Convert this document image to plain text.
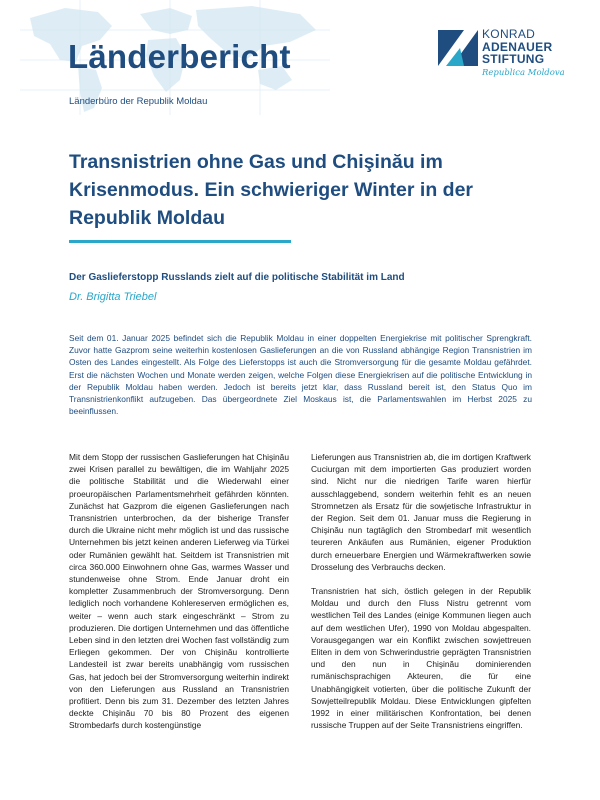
Länderbericht
Länderbüro der Republik Moldau
KONRAD
ADENAUER
STIFTUNG
Republica Moldova
Transnistrien ohne Gas und Chişinău im Krisenmodus. Ein schwieriger Winter in der Republik Moldau
Der Gaslieferstopp Russlands zielt auf die politische Stabilität im Land
Dr. Brigitta Triebel

Seit dem 01. Januar 2025 befindet sich die Republik Moldau in einer doppelten Energiekrise mit politischer Sprengkraft. Zuvor hatte Gazprom seine weiterhin kostenlosen Gaslieferungen an die von Russland abhängige Region Transnistrien im Osten des Landes eingestellt. Als Folge des Lieferstopps ist auch die Stromversorgung für die gesamte Moldau gefährdet. Erst die nächsten Wochen und Monate werden zeigen, welche Folgen diese Energiekrisen auf die politische Entwicklung in der Republik Moldau haben werden. Jedoch ist bereits jetzt klar, dass Russland bereit ist, den Status Quo im Transnistrienkonflikt aufzugeben. Das übergeordnete Ziel Moskaus ist, die Parlamentswahlen im Herbst 2025 zu beeinflussen.

Mit dem Stopp der russischen Gaslieferungen hat Chişinău zwei Krisen parallel zu bewältigen, die im Wahljahr 2025 die politische Stabilität und die Wiederwahl einer proeuropäischen Parlamentsmehrheit gefährden könnten. Zunächst hat Gazprom die eigenen Gaslieferungen nach Transnistrien unterbrochen, da der bisherige Transfer durch die Ukraine nicht mehr möglich ist und das russische Unternehmen bis jetzt keinen anderen Lieferweg via Türkei oder Rumänien gewählt hat. Seitdem ist Transnistrien mit circa 360.000 Einwohnern ohne Gas, warmes Wasser und stundenweise ohne Strom. Ende Januar droht ein kompletter Zusammenbruch der Stromversorgung. Denn lediglich noch vorhandene Kohlereserven ermöglichen es, weiter – wenn auch stark eingeschränkt – Strom zu produzieren. Die dortigen Unternehmen und das öffentliche Leben sind in den letzten drei Wochen fast vollständig zum Erliegen gekommen. Der von Chişinău kontrollierte Landesteil ist zwar bereits unabhängig vom russischen Gas, hat jedoch bei der Stromversorgung weiterhin indirekt von den Lieferungen aus Russland an Transnistrien profitiert. Denn bis zum 31. Dezember des letzten Jahres deckte Chişinău 70 bis 80 Prozent des eigenen Strombedarfs durch kostengünstige

Lieferungen aus Transnistrien ab, die im dortigen Kraftwerk Cuciurgan mit dem importierten Gas produziert worden sind. Nicht nur die niedrigen Tarife waren hierfür ausschlaggebend, sondern weiterhin fehlt es an neuen Stromnetzen als Ersatz für die sowjetische Infrastruktur in der Region. Seit dem 01. Januar muss die Regierung in Chişinău nun tagtäglich den Strombedarf mit wesentlich teureren Ankäufen aus Rumänien, eigener Produktion durch erneuerbare Energien und Wärmekraftwerken sowie Drosselung des Verbrauchs decken.

Transnistrien hat sich, östlich gelegen in der Republik Moldau und durch den Fluss Nistru getrennt vom westlichen Teil des Landes (einige Kommunen liegen auch auf dem westlichen Ufer), 1990 von Moldau abgespalten. Vorausgegangen war ein Konflikt zwischen sowjettreuen Eliten in dem von Schwerindustrie geprägten Transnistrien und den nun in Chişinău dominierenden rumänischsprachigen Akteuren, die für eine Unabhängigkeit votierten, über die politische Zukunft der Sowjetteilrepublik Moldau. Diese Entwicklungen gipfelten 1992 in einer militärischen Konfrontation, bei denen russische Truppen auf der Seite Transnistriens eingriffen.
